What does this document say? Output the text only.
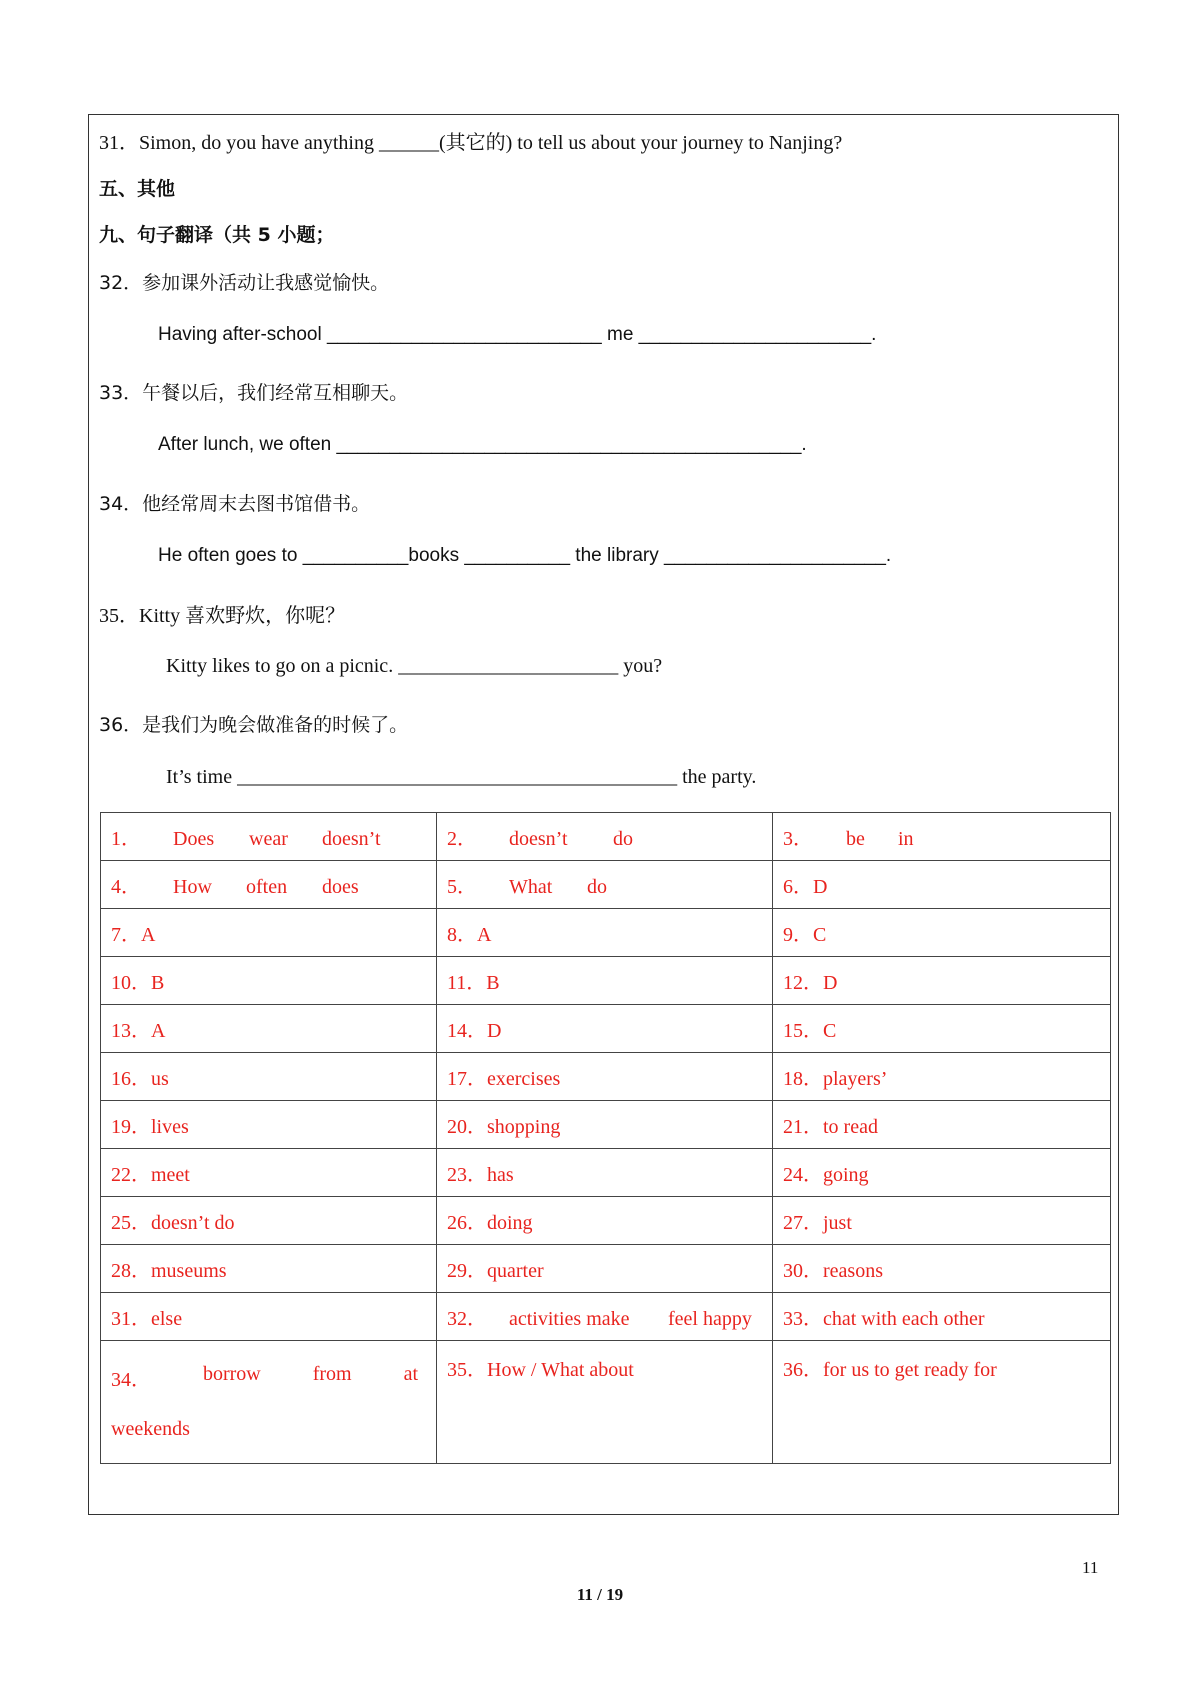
31．Simon, do you have anything ______(其它的) to tell us about your journey to Nanjing?
五、其他
九、句子翻译（共 5 小题；
32．参加课外活动让我感觉愉快。
Having after-school __________________________ me ______________________.
33．午餐以后，我们经常互相聊天。
After lunch, we often ____________________________________________.
34．他经常周末去图书馆借书。
He often goes to __________books __________ the library _____________________.
35．Kitty 喜欢野炊，你呢？
Kitty likes to go on a picnic. ______________________ you?
36．是我们为晚会做准备的时候了。
It’s time ____________________________________________ the party.
1． Does wear doesn’t	2． doesn’t do	3． be in
4． How often does	5． What do	6．D
7．A	8．A	9．C
10．B	11．B	12．D
13．A	14．D	15．C
16．us	17．exercises	18．players’
19．lives	20．shopping	21．to read
22．meet	23．has	24．going
25．doesn’t do	26．doing	27．just
28．museums	29．quarter	30．reasons
31．else	32． activities make feel happy	33．chat with each other

34． borrow from at
weekends	35．How / What about	36．for us to get ready for
11
11 / 19
